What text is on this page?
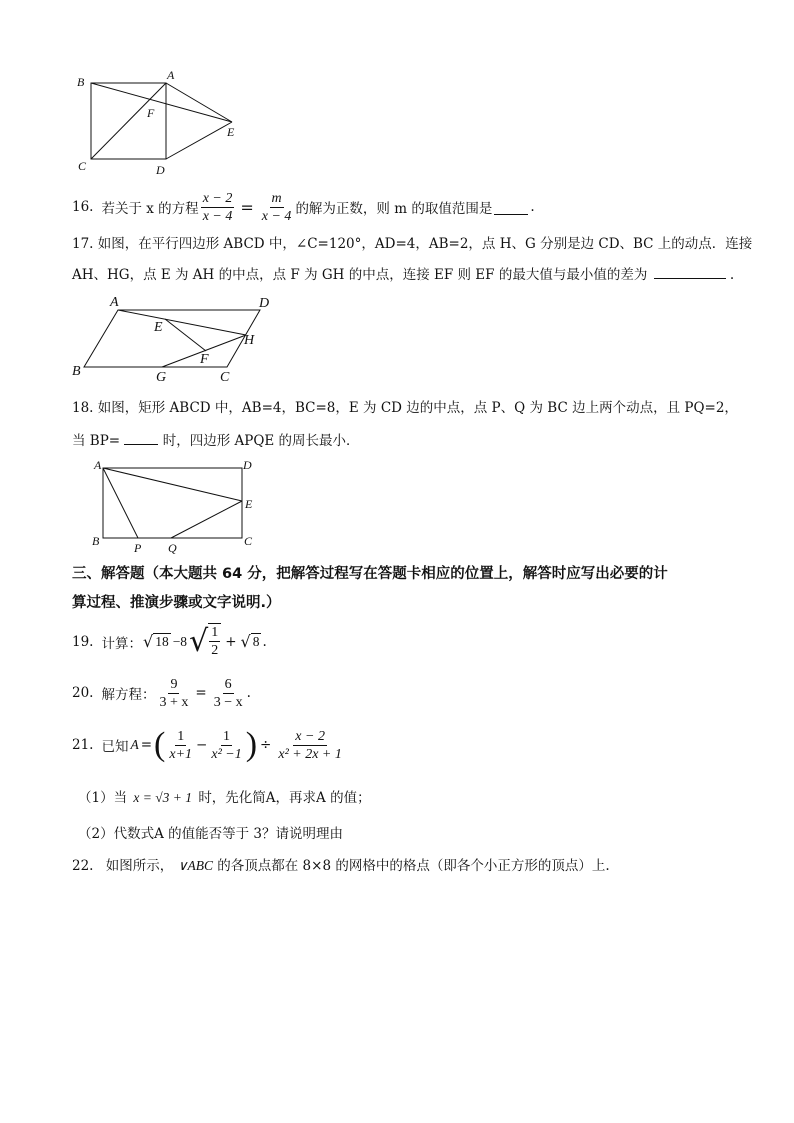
B	A
F
E
C	D
16. 若关于 x 的方程 $\frac{x - 2}{x - 4} = \frac{m}{x - 4}$ 的解为正数，则 m 的取值范围是	.
17. 如图，在平行四边形 ABCD 中，∠C=120°，AD=4，AB=2，点 H、G 分别是边 CD、BC 上的动点．连接
AH、HG，点 E 为 AH 的中点，点 F 为 GH 的中点，连接 EF 则 EF 的最大值与最小值的差为	.
A	D
E
H
F
B	G	C
18. 如图，矩形 ABCD 中，AB=4，BC=8，E 为 CD 边的中点，点 P、Q 为 BC 边上两个动点，且 PQ=2，
当 BP=	时，四边形 APQE 的周长最小．
A	D
E
B	P Q	C
三、解答题（本大题共 64 分，把解答过程写在答题卡相应的位置上，解答时应写出必要的计
算过程、推演步骤或文字说明.）
19. 计算： √ 18 −8 √ $\frac{1}{2}$ + √ 8 .
20. 解方程： $\frac{9}{3 + x} = \frac{6}{3 - x}$ .
21. 已知 A = ( $\frac{1}{x+1} - \frac{1}{\text{x² −1}}$ ) ÷ $\frac{x - 2}{\text{x² + 2x + 1}}$
（1）当 x = √3 + 1 时，先化简A，再求A 的值；
（2）代数式A 的值能否等于 3？请说明理由
22. 如图所示， ∨ABC 的各顶点都在 8×8 的网格中的格点（即各个小正方形的顶点）上.
